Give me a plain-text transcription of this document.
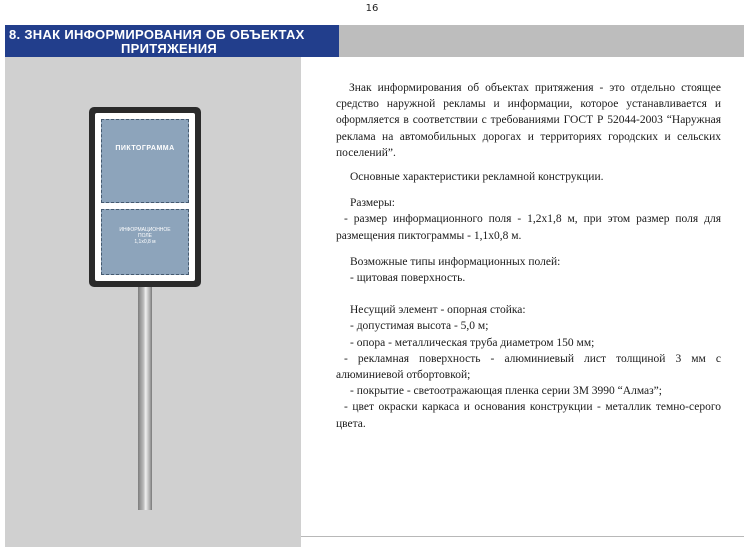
16
8. ЗНАК ИНФОРМИРОВАНИЯ ОБ ОБЪЕКТАХ
ПРИТЯЖЕНИЯ
ПИКТОГРАММА
ИНФОРМАЦИОННОЕ
ПОЛЕ
1,1х0,8 м

Знак информирования об объектах притяжения - это отдельно стоящее средство наружной рекламы и информации, которое устанавливается и оформляется в соответствии с требованиями ГОСТ Р 52044-2003 “Наружная реклама на автомобильных дорогах и территориях городских и сельских поселений”.

Основные характеристики рекламной конструкции.

Размеры:

- размер информационного поля - 1,2х1,8 м, при этом размер поля для размещения пиктограммы - 1,1х0,8 м.

Возможные типы информационных полей:

- щитовая поверхность.

Несущий элемент - опорная стойка:

- допустимая высота - 5,0 м;

- опора - металлическая труба диаметром 150 мм;

- рекламная поверхность - алюминиевый лист толщиной 3 мм с алюминиевой отбортовкой;

- покрытие - светоотражающая пленка серии 3М 3990 “Алмаз”;

- цвет окраски каркаса и основания конструкции - металлик темно-серого цвета.
